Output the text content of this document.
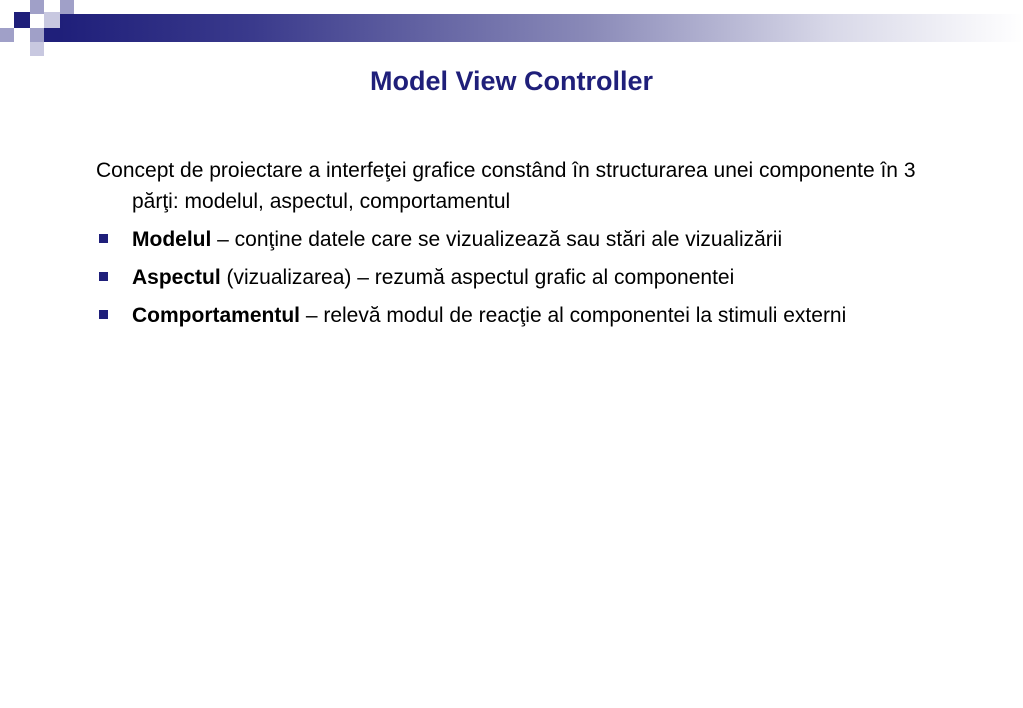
Model View Controller

Concept de proiectare a interfeţei grafice constând în structurarea unei componente în 3 părţi: modelul, aspectul, comportamentul

Modelul – conţine datele care se vizualizează sau stări ale vizualizării
Aspectul (vizualizarea) – rezumă aspectul grafic al componentei
Comportamentul – relevă modul de reacţie al componentei la stimuli externi
